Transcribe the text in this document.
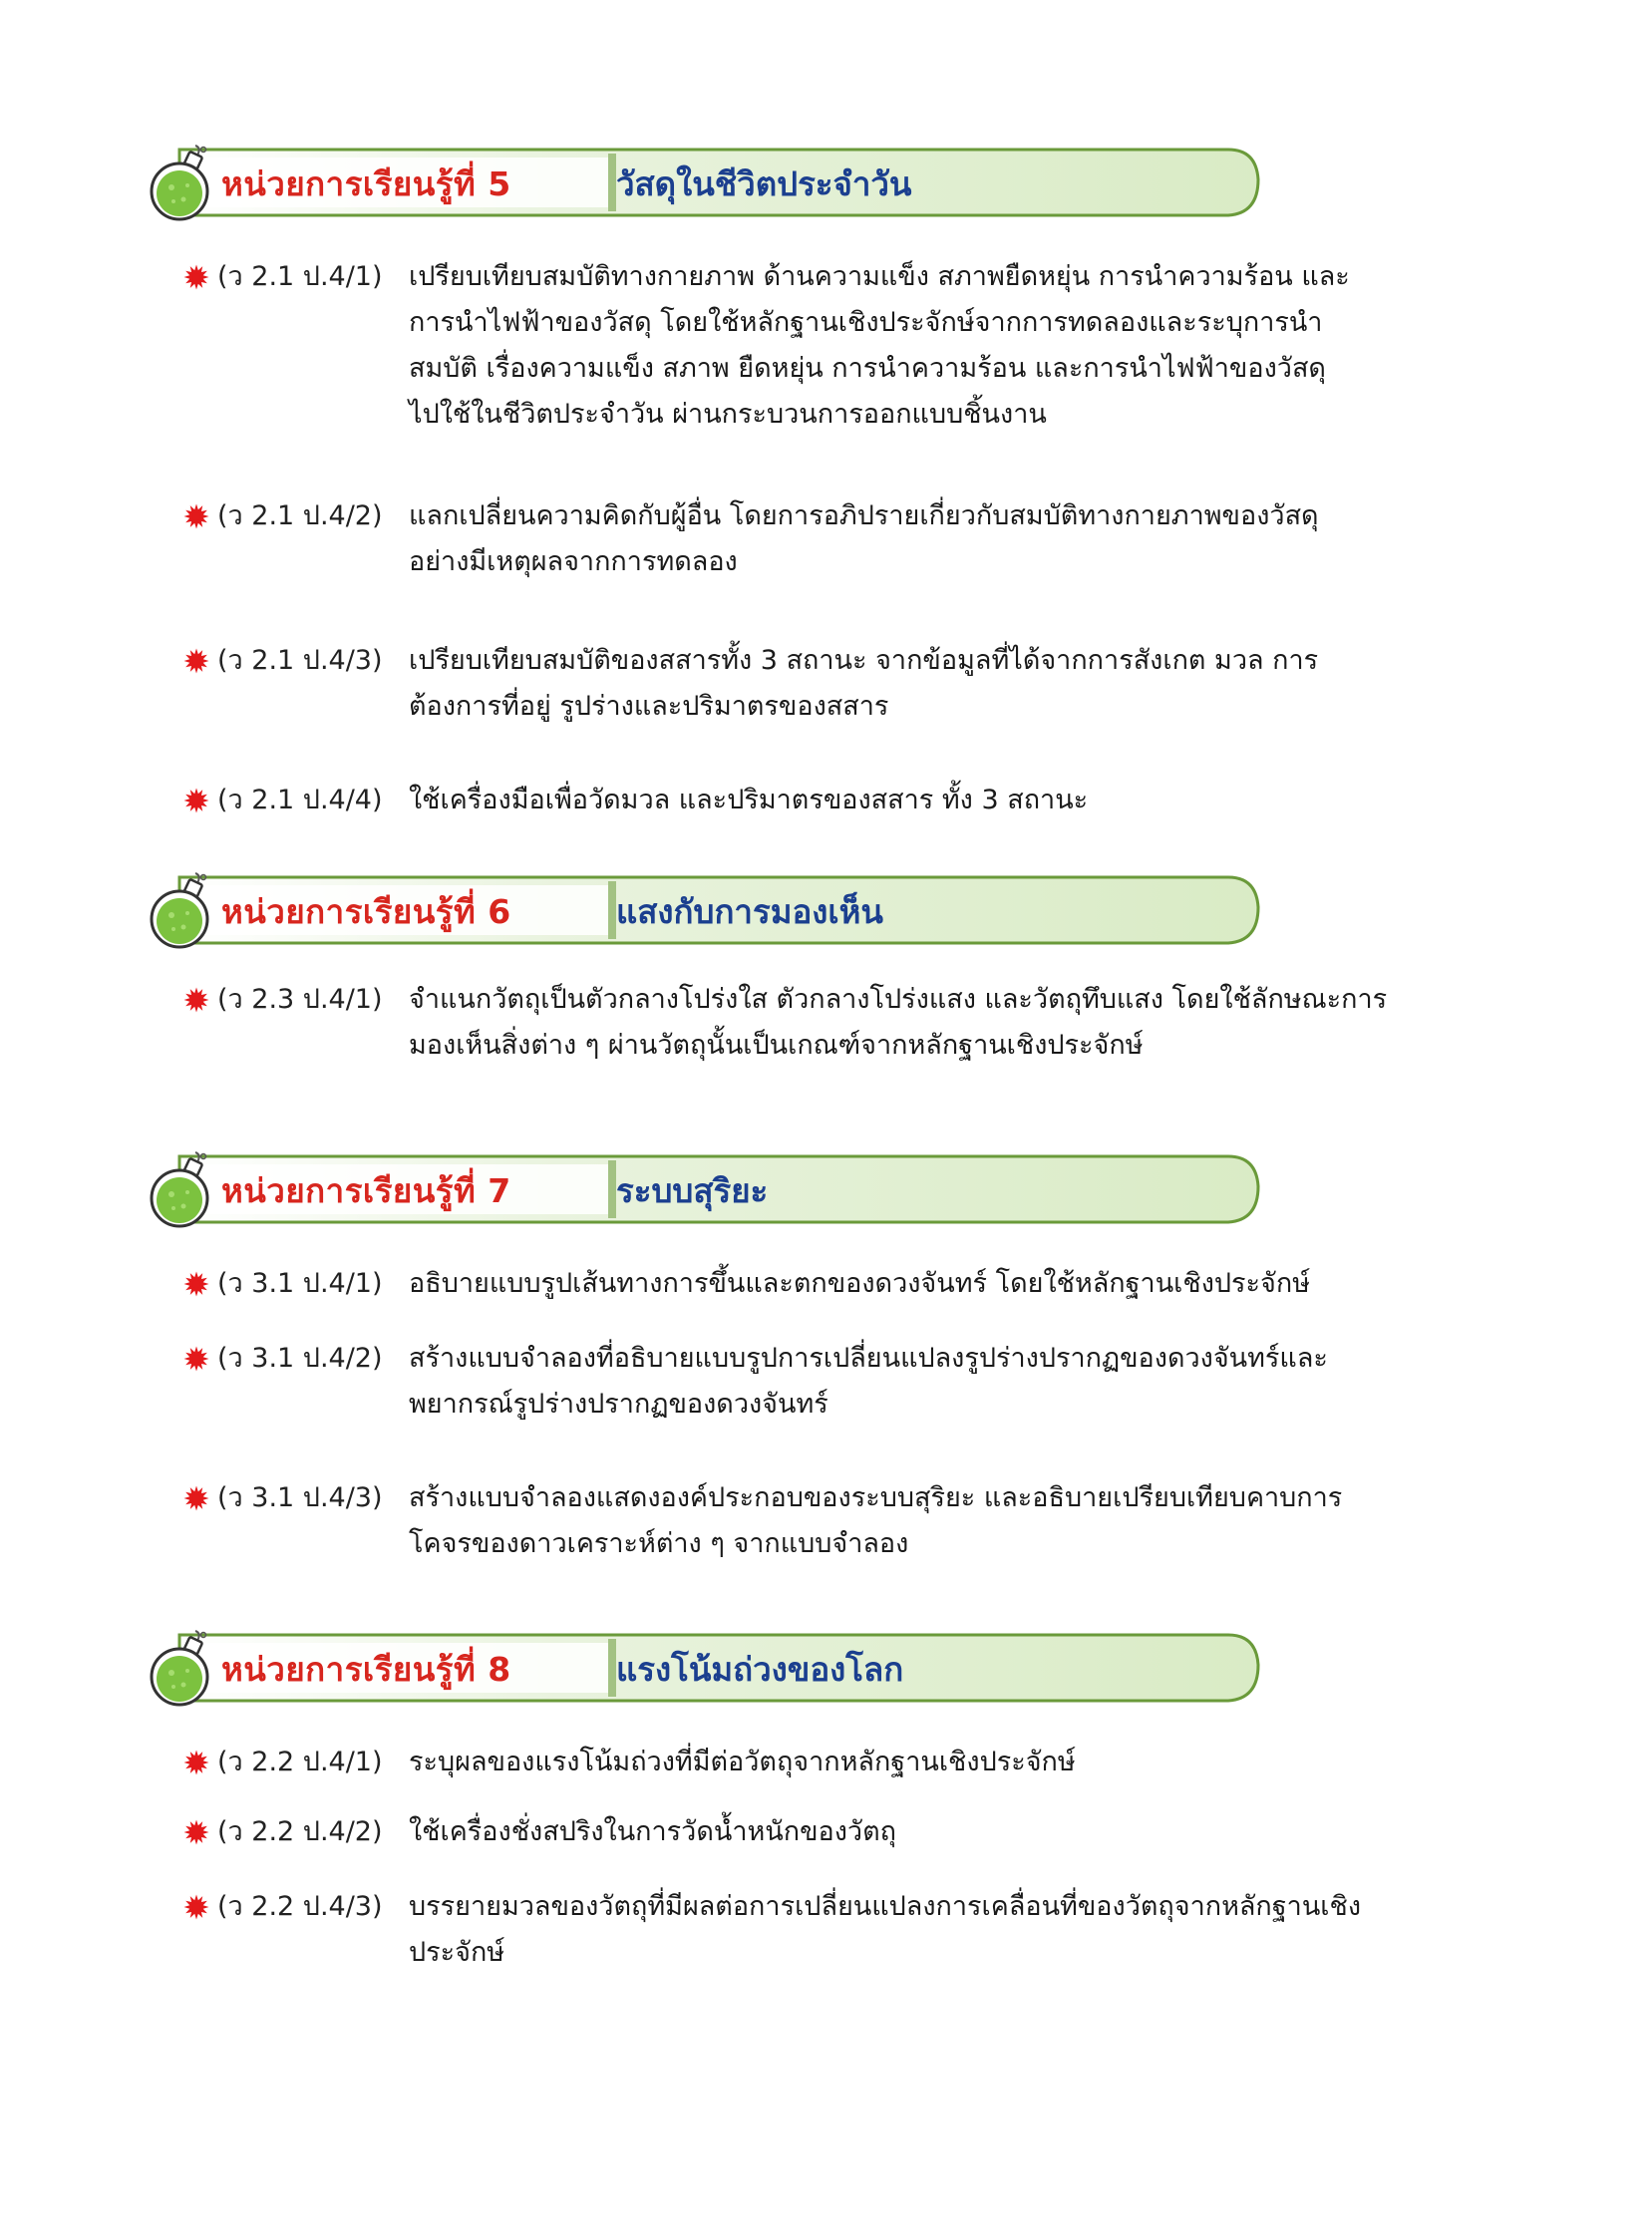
หน่วยการเรียนรู้ที่ 5	วัสดุในชีวิตประจำวัน
(ว 2.1 ป.4/1) เปรียบเทียบสมบัติทางกายภาพ ด้านความแข็ง สภาพยืดหยุ่น การนำความร้อน และ
การนำไฟฟ้าของวัสดุ โดยใช้หลักฐานเชิงประจักษ์จากการทดลองและระบุการนำ
สมบัติ เรื่องความแข็ง สภาพ ยืดหยุ่น การนำความร้อน และการนำไฟฟ้าของวัสดุ
ไปใช้ในชีวิตประจำวัน ผ่านกระบวนการออกแบบชิ้นงาน
(ว 2.1 ป.4/2) แลกเปลี่ยนความคิดกับผู้อื่น โดยการอภิปรายเกี่ยวกับสมบัติทางกายภาพของวัสดุ
อย่างมีเหตุผลจากการทดลอง
(ว 2.1 ป.4/3) เปรียบเทียบสมบัติของสสารทั้ง 3 สถานะ จากข้อมูลที่ได้จากการสังเกต มวล การ
ต้องการที่อยู่ รูปร่างและปริมาตรของสสาร
(ว 2.1 ป.4/4) ใช้เครื่องมือเพื่อวัดมวล และปริมาตรของสสาร ทั้ง 3 สถานะ
หน่วยการเรียนรู้ที่ 6	แสงกับการมองเห็น
(ว 2.3 ป.4/1) จำแนกวัตถุเป็นตัวกลางโปร่งใส ตัวกลางโปร่งแสง และวัตถุทึบแสง โดยใช้ลักษณะการ
มองเห็นสิ่งต่าง ๆ ผ่านวัตถุนั้นเป็นเกณฑ์จากหลักฐานเชิงประจักษ์
หน่วยการเรียนรู้ที่ 7	ระบบสุริยะ
(ว 3.1 ป.4/1) อธิบายแบบรูปเส้นทางการขึ้นและตกของดวงจันทร์ โดยใช้หลักฐานเชิงประจักษ์
(ว 3.1 ป.4/2) สร้างแบบจำลองที่อธิบายแบบรูปการเปลี่ยนแปลงรูปร่างปรากฏของดวงจันทร์และ
พยากรณ์รูปร่างปรากฏของดวงจันทร์
(ว 3.1 ป.4/3) สร้างแบบจำลองแสดงองค์ประกอบของระบบสุริยะ และอธิบายเปรียบเทียบคาบการ
โคจรของดาวเคราะห์ต่าง ๆ จากแบบจำลอง
หน่วยการเรียนรู้ที่ 8	แรงโน้มถ่วงของโลก
(ว 2.2 ป.4/1) ระบุผลของแรงโน้มถ่วงที่มีต่อวัตถุจากหลักฐานเชิงประจักษ์
(ว 2.2 ป.4/2) ใช้เครื่องชั่งสปริงในการวัดน้ำหนักของวัตถุ
(ว 2.2 ป.4/3) บรรยายมวลของวัตถุที่มีผลต่อการเปลี่ยนแปลงการเคลื่อนที่ของวัตถุจากหลักฐานเชิง
ประจักษ์
